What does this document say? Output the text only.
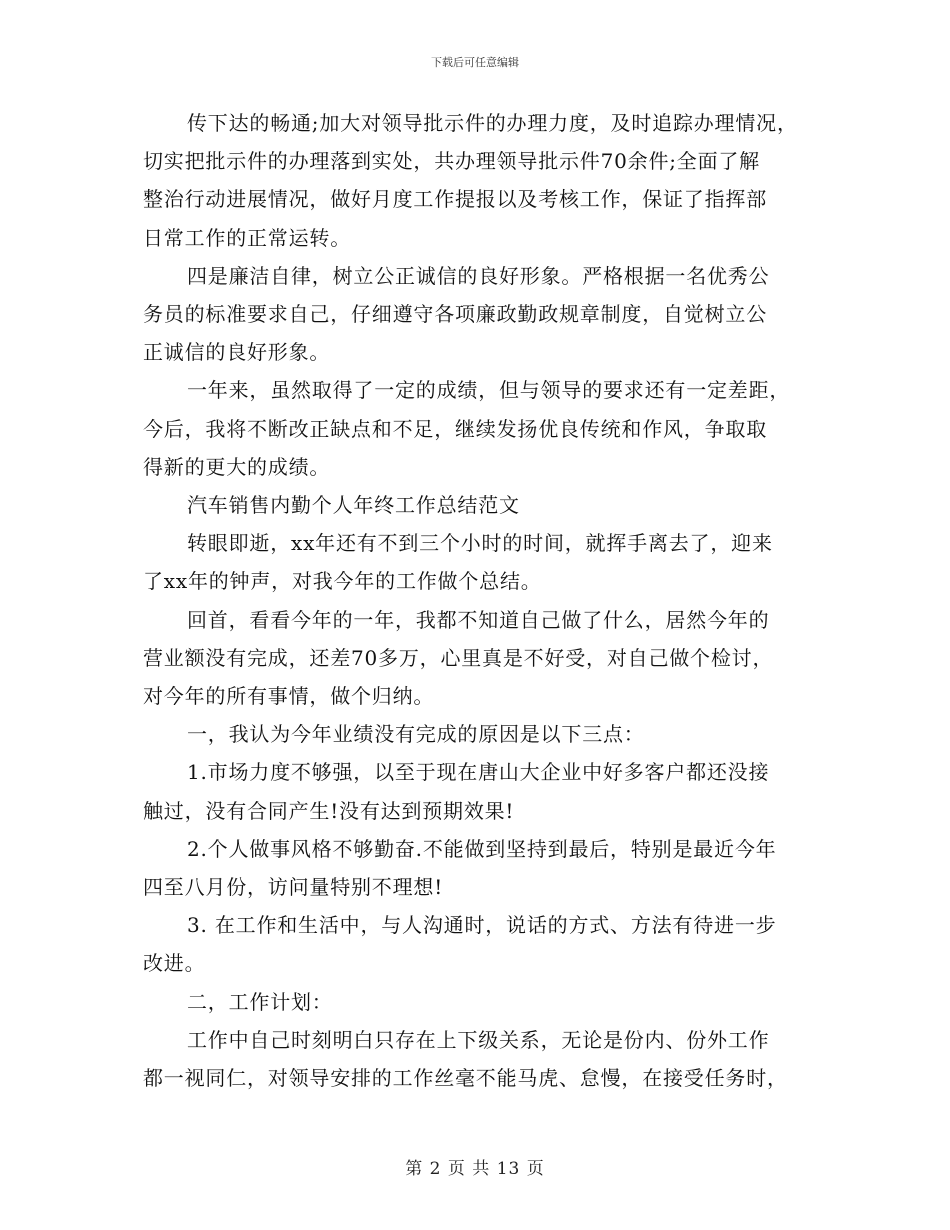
下载后可任意编辑
传下达的畅通;加大对领导批示件的办理力度，及时追踪办理情况，
切实把批示件的办理落到实处，共办理领导批示件70余件;全面了解
整治行动进展情况，做好月度工作提报以及考核工作，保证了指挥部
日常工作的正常运转。
四是廉洁自律，树立公正诚信的良好形象。严格根据一名优秀公
务员的标准要求自己，仔细遵守各项廉政勤政规章制度，自觉树立公
正诚信的良好形象。
一年来，虽然取得了一定的成绩，但与领导的要求还有一定差距，
今后，我将不断改正缺点和不足，继续发扬优良传统和作风，争取取
得新的更大的成绩。
汽车销售内勤个人年终工作总结范文
转眼即逝，xx年还有不到三个小时的时间，就挥手离去了，迎来
了xx年的钟声，对我今年的工作做个总结。
回首，看看今年的一年，我都不知道自己做了什么，居然今年的
营业额没有完成，还差70多万，心里真是不好受，对自己做个检讨，
对今年的所有事情，做个归纳。
一，我认为今年业绩没有完成的原因是以下三点：
1.市场力度不够强，以至于现在唐山大企业中好多客户都还没接
触过，没有合同产生!没有达到预期效果!
2.个人做事风格不够勤奋.不能做到坚持到最后，特别是最近今年
四至八月份，访问量特别不理想!
3. 在工作和生活中，与人沟通时，说话的方式、方法有待进一步
改进。
二，工作计划：
工作中自己时刻明白只存在上下级关系，无论是份内、份外工作
都一视同仁，对领导安排的工作丝毫不能马虎、怠慢，在接受任务时，
第 2 页 共 13 页
